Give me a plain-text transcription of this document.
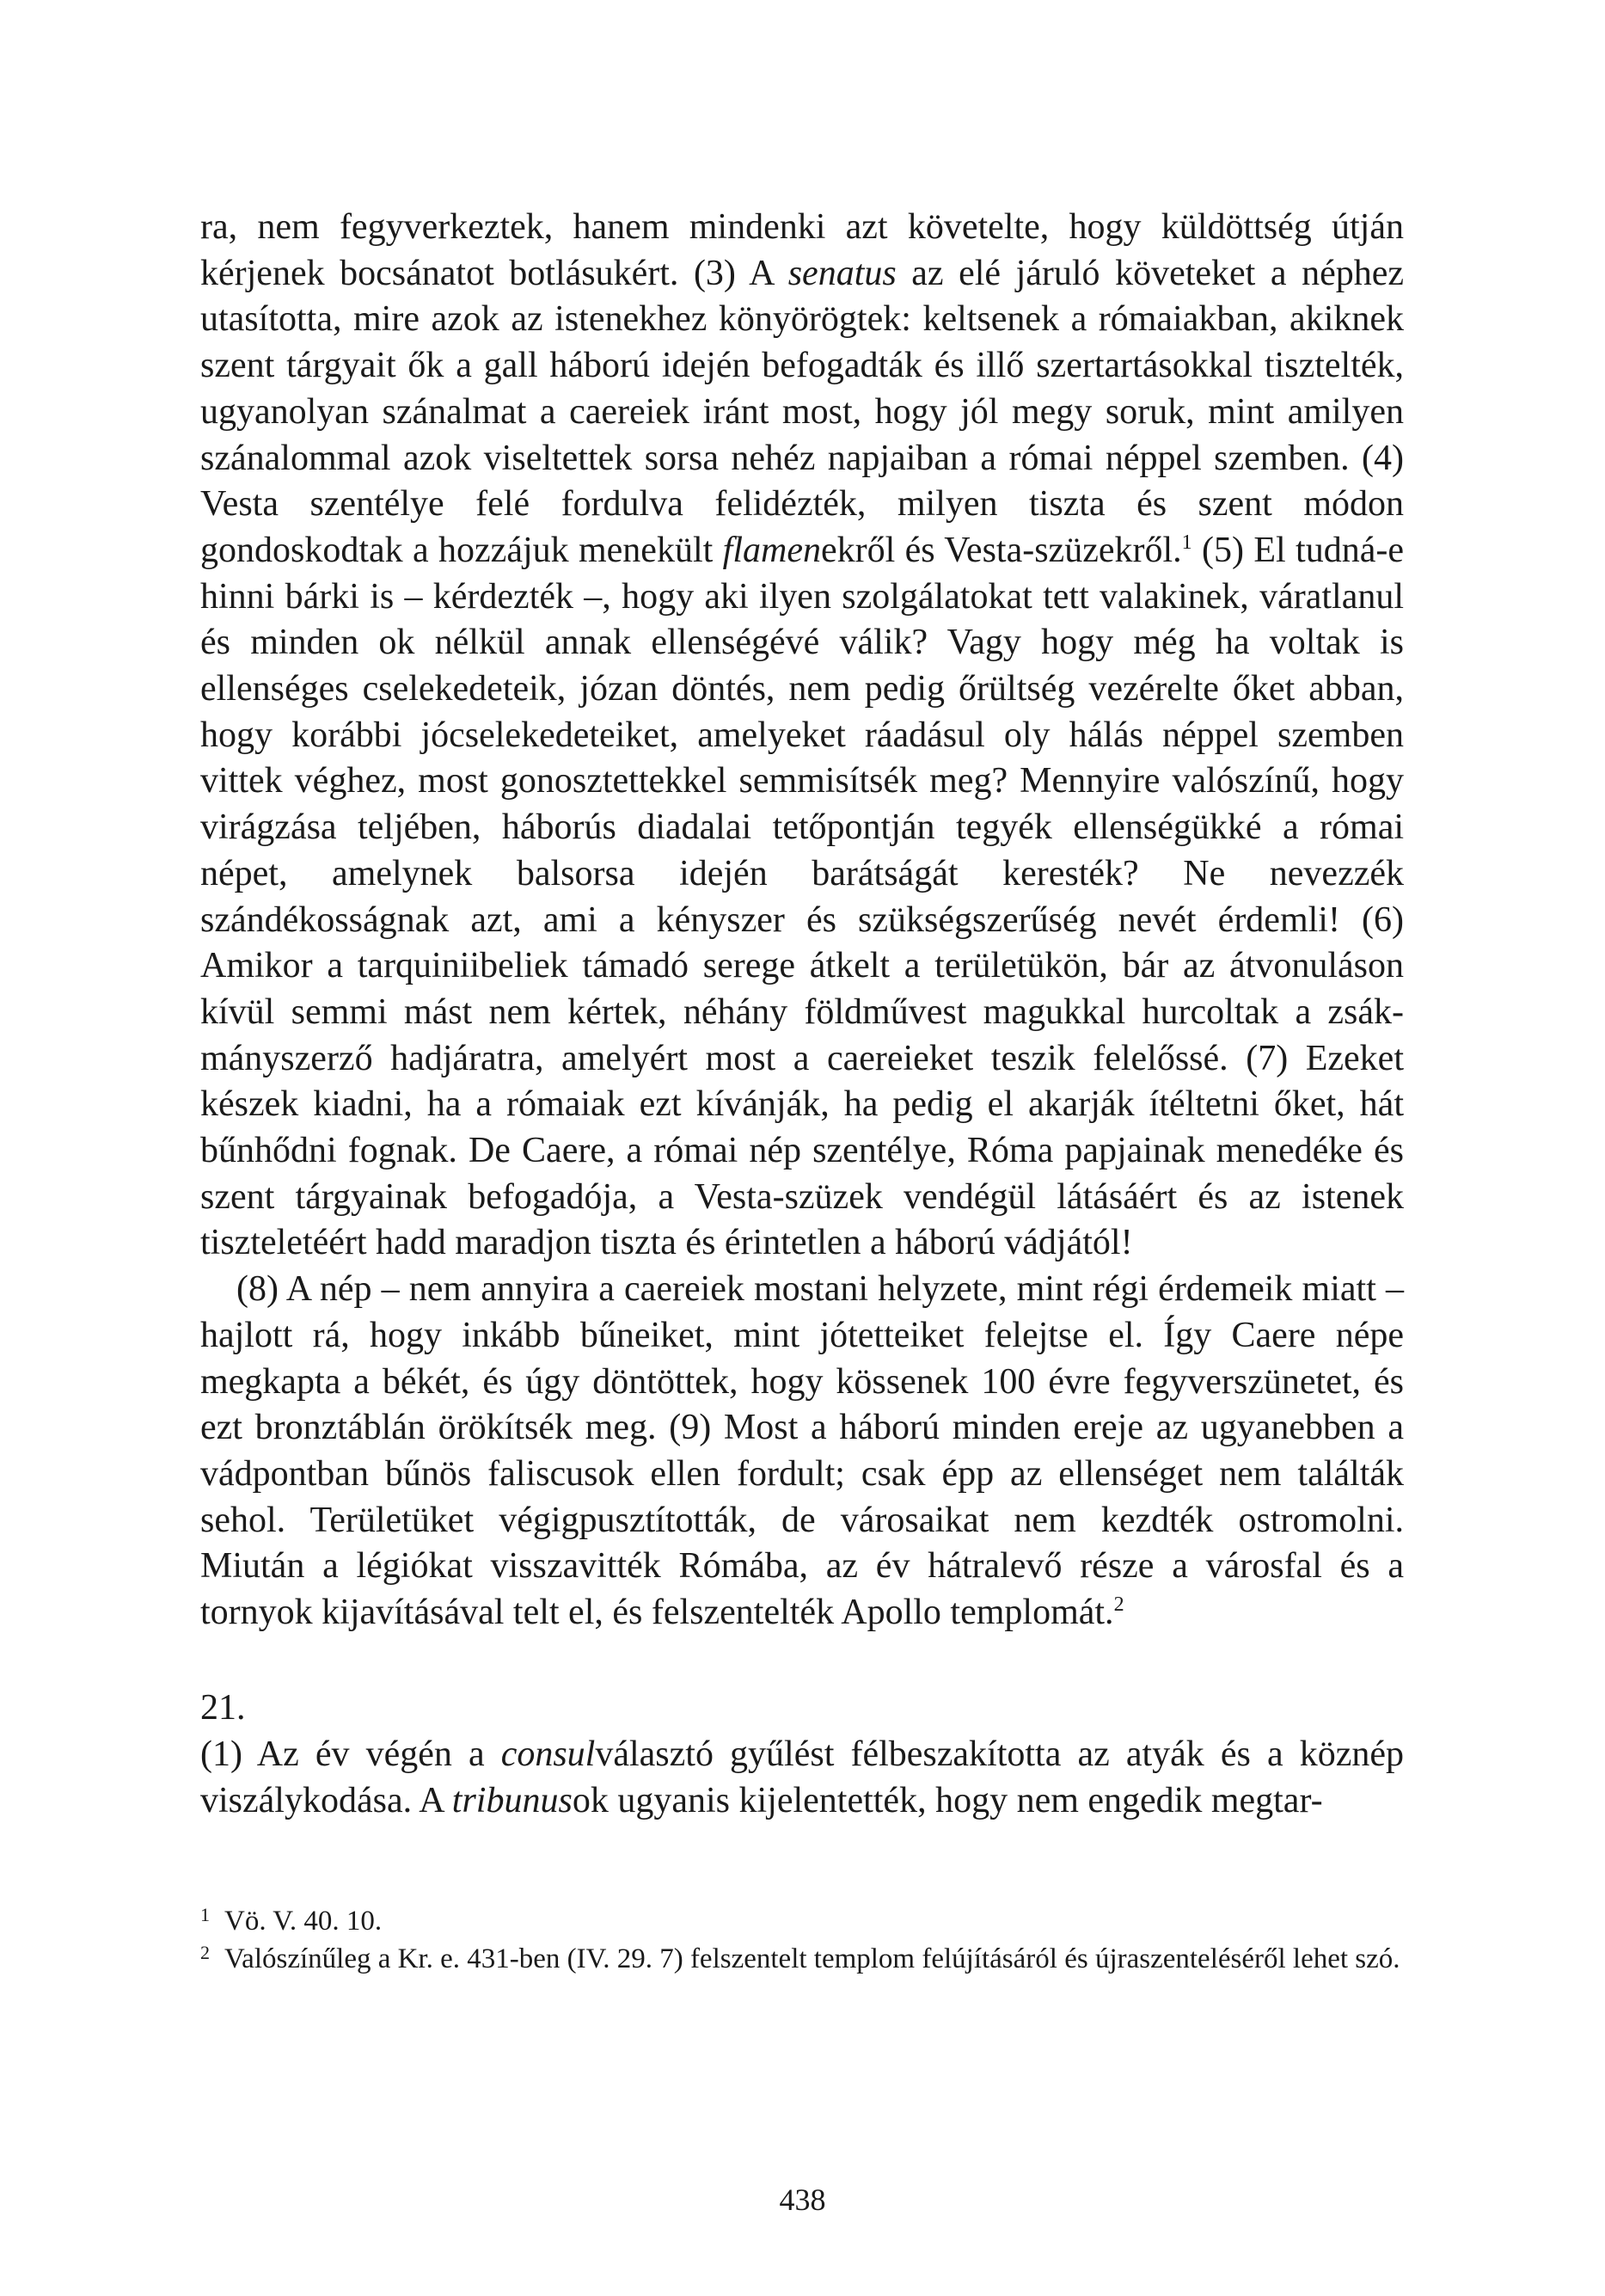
ra, nem fegyverkeztek, hanem mindenki azt követelte, hogy küldöttség útján kérjenek bocsánatot botlásukért. (3) A senatus az elé járuló követeket a néphez utasította, mire azok az istenekhez könyörögtek: keltsenek a rómaiakban, akiknek szent tárgyait ők a gall háború idején befogadták és illő szertartásokkal tisztelték, ugyanolyan szánalmat a caereiek iránt most, hogy jól megy soruk, mint amilyen szánalommal azok viseltettek sorsa nehéz napjaiban a római néppel szemben. (4) Vesta szentélye felé fordulva felidézték, milyen tiszta és szent módon gondoskodtak a hozzájuk menekült flamenekről és Vesta-szüzekről.$^1$ (5) El tudná-e hinni bárki is – kérdezték –, hogy aki ilyen szolgálatokat tett valakinek, váratlanul és minden ok nélkül annak ellenségévé válik? Vagy hogy még ha voltak is ellenséges cselekedeteik, józan döntés, nem pedig őrültség vezérelte őket abban, hogy korábbi jócselekedeteiket, amelyeket ráadásul oly hálás néppel szemben vittek véghez, most gonosztettekkel semmisítsék meg? Mennyire valószínű, hogy virágzása teljében, háborús diadalai tetőpontján tegyék ellenségükké a római népet, amelynek balsorsa idején barátságát keresték? Ne nevezzék szándékosságnak azt, ami a kényszer és szükségszerűség nevét érdemli! (6) Amikor a tarquiniibeliek támadó serege átkelt a területükön, bár az átvonuláson kívül semmi mást nem kértek, néhány földművest magukkal hurcoltak a zsákmányszerző hadjáratra, amelyért most a caereieket teszik felelőssé. (7) Ezeket készek kiadni, ha a rómaiak ezt kívánják, ha pedig el akarják ítéltetni őket, hát bűnhődni fognak. De Caere, a római nép szentélye, Róma papjainak menedéke és szent tárgyainak befogadója, a Vesta-szüzek vendégül látásáért és az istenek tiszteletéért hadd maradjon tiszta és érintetlen a háború vádjától!

(8) A nép – nem annyira a caereiek mostani helyzete, mint régi érdemeik miatt – hajlott rá, hogy inkább bűneiket, mint jótetteiket felejtse el. Így Caere népe megkapta a békét, és úgy döntöttek, hogy kössenek 100 évre fegyverszünetet, és ezt bronztáblán örökítsék meg. (9) Most a háború minden ereje az ugyanebben a vádpontban bűnös faliscusok ellen fordult; csak épp az ellenséget nem találták sehol. Területüket végigpusztították, de városaikat nem kezdték ostromolni. Miután a légiókat visszavitték Rómába, az év hátralevő része a városfal és a tornyok kijavításával telt el, és felszentelték Apollo templomát.$^2$

21.

(1) Az év végén a consulválasztó gyűlést félbeszakította az atyák és a köznép viszálykodása. A tribunusok ugyanis kijelentették, hogy nem engedik megtar-

1 Vö. V. 40. 10.
2 Valószínűleg a Kr. e. 431-ben (IV. 29. 7) felszentelt templom felújításáról és újraszenteléséről lehet szó.
438
